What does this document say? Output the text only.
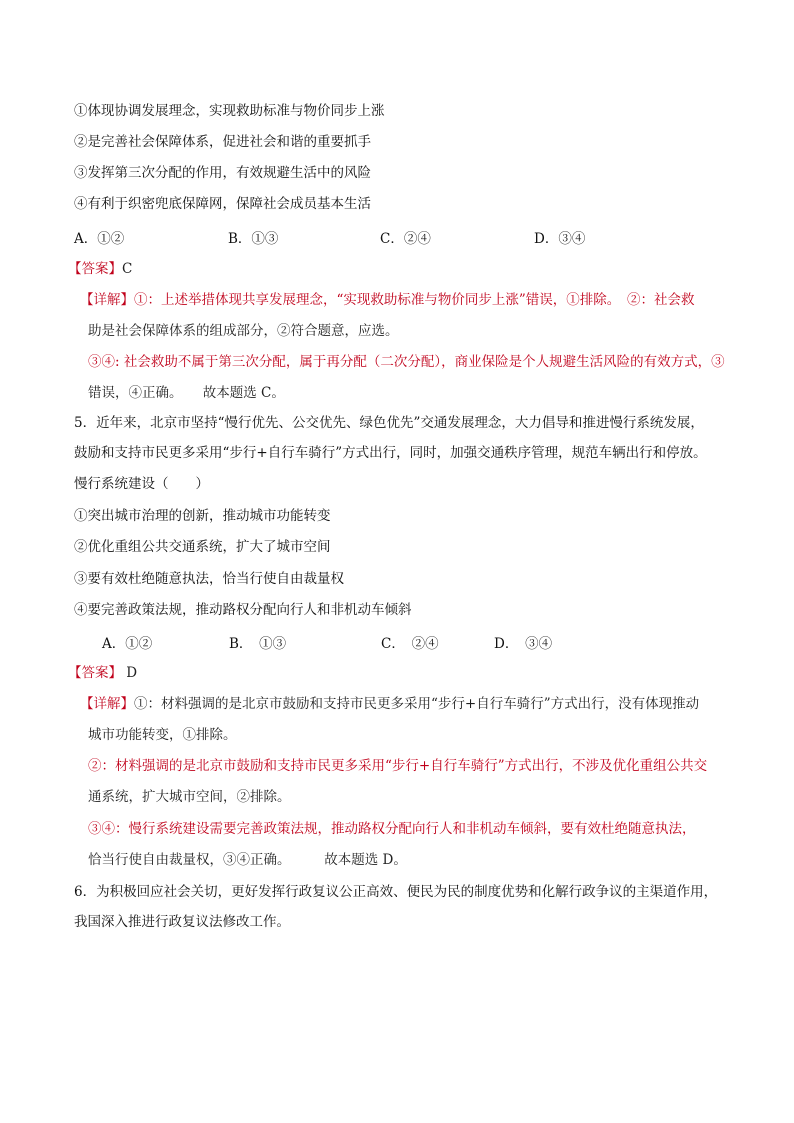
①体现协调发展理念，实现救助标准与物价同步上涨
②是完善社会保障体系，促进社会和谐的重要抓手
③发挥第三次分配的作用，有效规避生活中的风险
④有利于织密兜底保障网，保障社会成员基本生活
A．①②	B．①③	C．②④	D．③④
【答案】C
【详解】①：上述举措体现共享发展理念，“实现救助标准与物价同步上涨”错误，①排除。　②：社会救
助是社会保障体系的组成部分，②符合题意，应选。
③④: 社会救助不属于第三次分配，属于再分配（二次分配），商业保险是个人规避生活风险的有效方式，③
错误，④正确。　　故本题选 C。
5．近年来，北京市坚持“慢行优先、公交优先、绿色优先”交通发展理念，大力倡导和推进慢行系统发展，
鼓励和支持市民更多采用“步行+自行车骑行”方式出行，同时，加强交通秩序管理，规范车辆出行和停放。
慢行系统建设（　　）
①突出城市治理的创新，推动城市功能转变
②优化重组公共交通系统，扩大了城市空间
③要有效杜绝随意执法，恰当行使自由裁量权
④要完善政策法规，推动路权分配向行人和非机动车倾斜
A．①②	B．　①③	C．　②④	D．　③④
【答案】 D
【详解】①：材料强调的是北京市鼓励和支持市民更多采用“步行+自行车骑行”方式出行，没有体现推动
城市功能转变，①排除。
②：材料强调的是北京市鼓励和支持市民更多采用“步行+自行车骑行”方式出行，不涉及优化重组公共交
通系统，扩大城市空间，②排除。
③④：慢行系统建设需要完善政策法规，推动路权分配向行人和非机动车倾斜，要有效杜绝随意执法，
恰当行使自由裁量权，③④正确。　　　故本题选 D。
6．为积极回应社会关切，更好发挥行政复议公正高效、便民为民的制度优势和化解行政争议的主渠道作用，
我国深入推进行政复议法修改工作。
